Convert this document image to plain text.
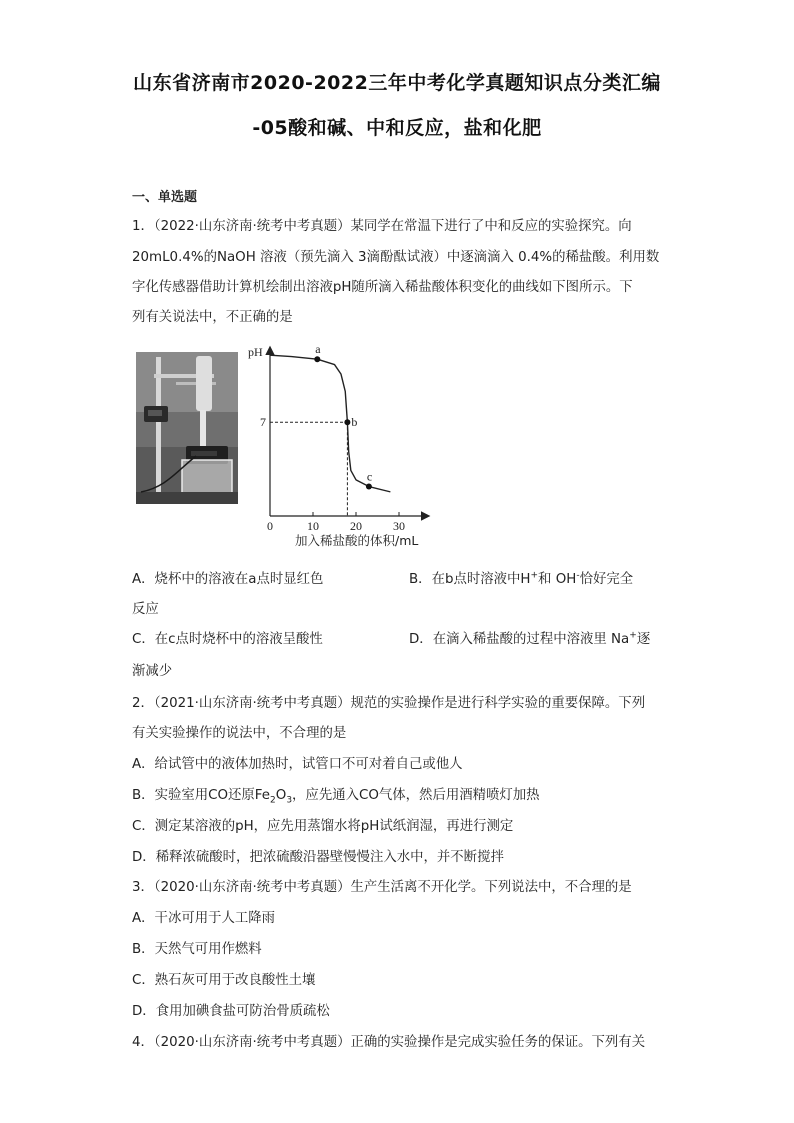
山东省济南市2020-2022三年中考化学真题知识点分类汇编
-05酸和碱、中和反应，盐和化肥
一、单选题
1．（2022·山东济南·统考中考真题）某同学在常温下进行了中和反应的实验探究。向
20mL0.4%的NaOH 溶液（预先滴入 3滴酚酞试液）中逐滴滴入 0.4%的稀盐酸。利用数
字化传感器借助计算机绘制出溶液pH随所滴入稀盐酸体积变化的曲线如下图所示。下
列有关说法中，不正确的是
pH
加入稀盐酸的体积/mL
0	10	20	30
7
a
b
c
A．烧杯中的溶液在a点时显红色	B．在b点时溶液中H+和 OH-恰好完全
反应
C．在c点时烧杯中的溶液呈酸性	D．在滴入稀盐酸的过程中溶液里 Na+逐
渐减少
2．（2021·山东济南·统考中考真题）规范的实验操作是进行科学实验的重要保障。下列
有关实验操作的说法中，不合理的是
A．给试管中的液体加热时，试管口不可对着自己或他人
B．实验室用CO还原$Fe_2O_3$，应先通入CO气体，然后用酒精喷灯加热
C．测定某溶液的pH，应先用蒸馏水将pH试纸润湿，再进行测定
D．稀释浓硫酸时，把浓硫酸沿器壁慢慢注入水中，并不断搅拌
3．（2020·山东济南·统考中考真题）生产生活离不开化学。下列说法中，不合理的是
A．干冰可用于人工降雨
B．天然气可用作燃料
C．熟石灰可用于改良酸性土壤
D．食用加碘食盐可防治骨质疏松
4．（2020·山东济南·统考中考真题）正确的实验操作是完成实验任务的保证。下列有关
